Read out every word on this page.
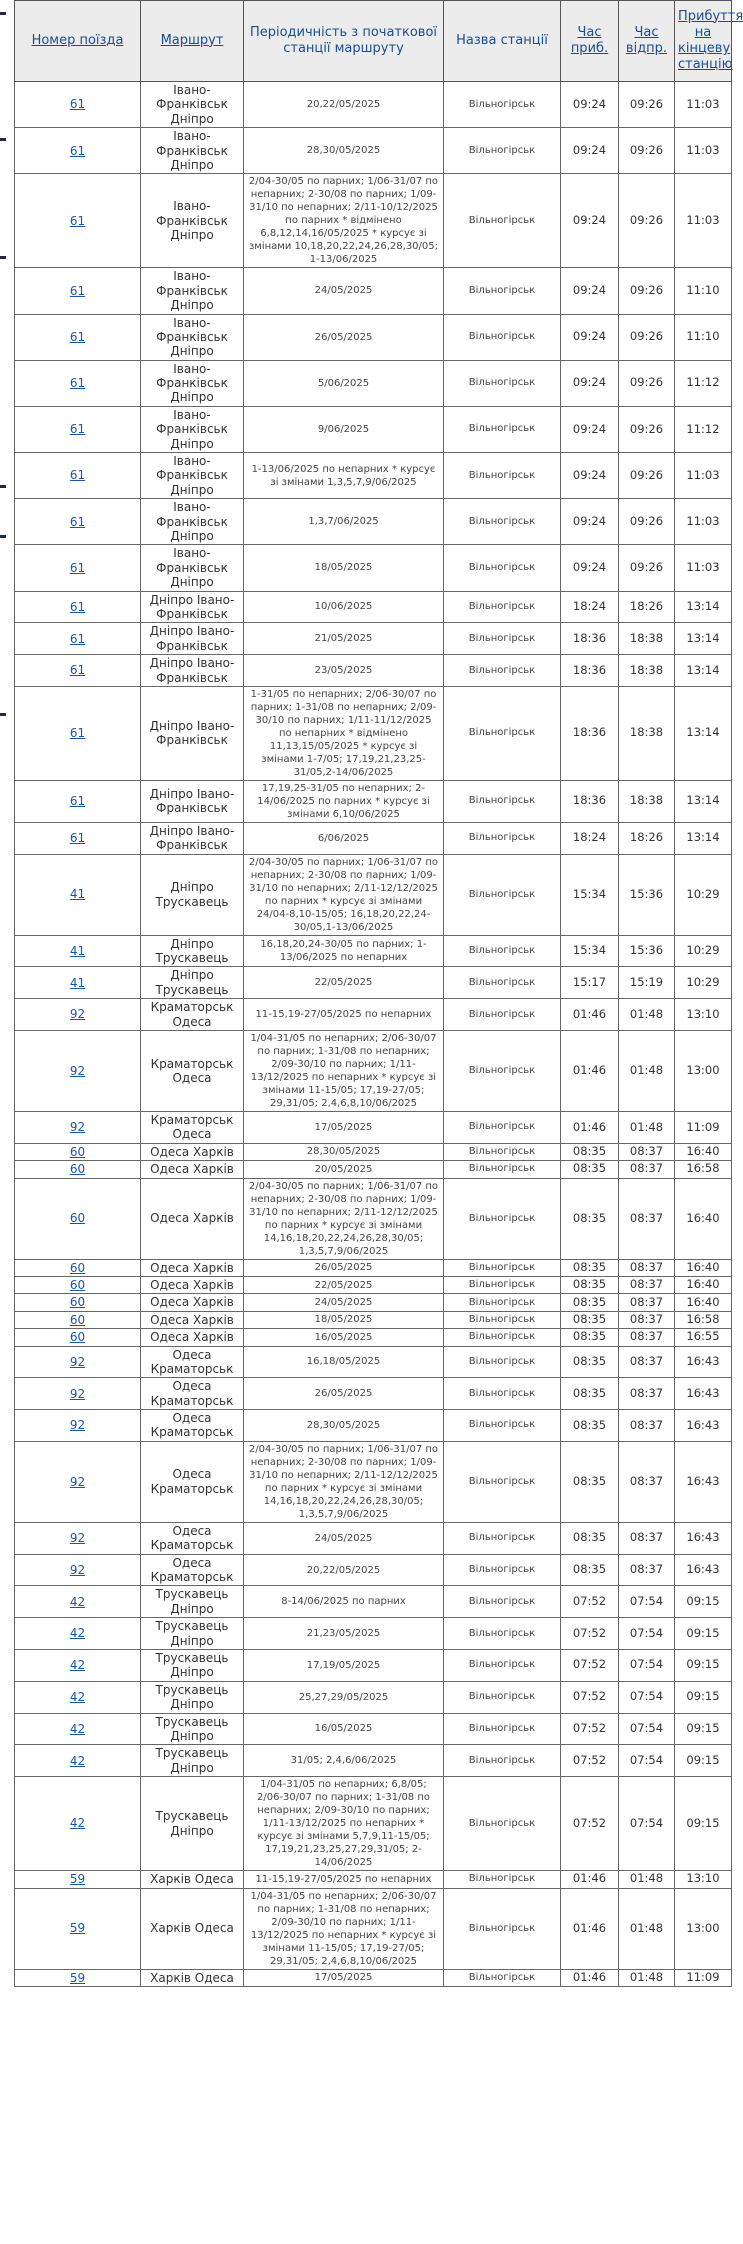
Номер поїзда	Маршрут	Періодичність з початкової станції маршруту	Назва станції	Час приб.	Час відпр.	Прибуття на кінцеву станцію
61	Івано-Франківськ Дніпро	20,22/05/2025	Вільногірськ	09:24	09:26	11:03
61	Івано-Франківськ Дніпро	28,30/05/2025	Вільногірськ	09:24	09:26	11:03
61	Івано-Франківськ Дніпро	2/04-30/05 по парних; 1/06-31/07 по непарних; 2-30/08 по парних; 1/09-31/10 по непарних; 2/11-10/12/2025 по парних * відмінено 6,8,12,14,16/05/2025 * курсує зі змінами 10,18,20,22,24,26,28,30/05; 1-13/06/2025	Вільногірськ	09:24	09:26	11:03
61	Івано-Франківськ Дніпро	24/05/2025	Вільногірськ	09:24	09:26	11:10
61	Івано-Франківськ Дніпро	26/05/2025	Вільногірськ	09:24	09:26	11:10
61	Івано-Франківськ Дніпро	5/06/2025	Вільногірськ	09:24	09:26	11:12
61	Івано-Франківськ Дніпро	9/06/2025	Вільногірськ	09:24	09:26	11:12
61	Івано-Франківськ Дніпро	1-13/06/2025 по непарних * курсує зі змінами 1,3,5,7,9/06/2025	Вільногірськ	09:24	09:26	11:03
61	Івано-Франківськ Дніпро	1,3,7/06/2025	Вільногірськ	09:24	09:26	11:03
61	Івано-Франківськ Дніпро	18/05/2025	Вільногірськ	09:24	09:26	11:03
61	Дніпро Івано-Франківськ	10/06/2025	Вільногірськ	18:24	18:26	13:14
61	Дніпро Івано-Франківськ	21/05/2025	Вільногірськ	18:36	18:38	13:14
61	Дніпро Івано-Франківськ	23/05/2025	Вільногірськ	18:36	18:38	13:14
61	Дніпро Івано-Франківськ	1-31/05 по непарних; 2/06-30/07 по парних; 1-31/08 по непарних; 2/09-30/10 по парних; 1/11-11/12/2025 по непарних * відмінено 11,13,15/05/2025 * курсує зі змінами 1-7/05; 17,19,21,23,25-31/05,2-14/06/2025	Вільногірськ	18:36	18:38	13:14
61	Дніпро Івано-Франківськ	17,19,25-31/05 по непарних; 2-14/06/2025 по парних * курсує зі змінами 6,10/06/2025	Вільногірськ	18:36	18:38	13:14
61	Дніпро Івано-Франківськ	6/06/2025	Вільногірськ	18:24	18:26	13:14
41	Дніпро Трускавець	2/04-30/05 по парних; 1/06-31/07 по непарних; 2-30/08 по парних; 1/09-31/10 по непарних; 2/11-12/12/2025 по парних * курсує зі змінами 24/04-8,10-15/05; 16,18,20,22,24-30/05,1-13/06/2025	Вільногірськ	15:34	15:36	10:29
41	Дніпро Трускавець	16,18,20,24-30/05 по парних; 1-13/06/2025 по непарних	Вільногірськ	15:34	15:36	10:29
41	Дніпро Трускавець	22/05/2025	Вільногірськ	15:17	15:19	10:29
92	Краматорськ Одеса	11-15,19-27/05/2025 по непарних	Вільногірськ	01:46	01:48	13:10
92	Краматорськ Одеса	1/04-31/05 по непарних; 2/06-30/07 по парних; 1-31/08 по непарних; 2/09-30/10 по парних; 1/11-13/12/2025 по непарних * курсує зі змінами 11-15/05; 17,19-27/05; 29,31/05; 2,4,6,8,10/06/2025	Вільногірськ	01:46	01:48	13:00
92	Краматорськ Одеса	17/05/2025	Вільногірськ	01:46	01:48	11:09
60	Одеса Харків	28,30/05/2025	Вільногірськ	08:35	08:37	16:40
60	Одеса Харків	20/05/2025	Вільногірськ	08:35	08:37	16:58
60	Одеса Харків	2/04-30/05 по парних; 1/06-31/07 по непарних; 2-30/08 по парних; 1/09-31/10 по непарних; 2/11-12/12/2025 по парних * курсує зі змінами 14,16,18,20,22,24,26,28,30/05; 1,3,5,7,9/06/2025	Вільногірськ	08:35	08:37	16:40
60	Одеса Харків	26/05/2025	Вільногірськ	08:35	08:37	16:40
60	Одеса Харків	22/05/2025	Вільногірськ	08:35	08:37	16:40
60	Одеса Харків	24/05/2025	Вільногірськ	08:35	08:37	16:40
60	Одеса Харків	18/05/2025	Вільногірськ	08:35	08:37	16:58
60	Одеса Харків	16/05/2025	Вільногірськ	08:35	08:37	16:55
92	Одеса Краматорськ	16,18/05/2025	Вільногірськ	08:35	08:37	16:43
92	Одеса Краматорськ	26/05/2025	Вільногірськ	08:35	08:37	16:43
92	Одеса Краматорськ	28,30/05/2025	Вільногірськ	08:35	08:37	16:43
92	Одеса Краматорськ	2/04-30/05 по парних; 1/06-31/07 по непарних; 2-30/08 по парних; 1/09-31/10 по непарних; 2/11-12/12/2025 по парних * курсує зі змінами 14,16,18,20,22,24,26,28,30/05; 1,3,5,7,9/06/2025	Вільногірськ	08:35	08:37	16:43
92	Одеса Краматорськ	24/05/2025	Вільногірськ	08:35	08:37	16:43
92	Одеса Краматорськ	20,22/05/2025	Вільногірськ	08:35	08:37	16:43
42	Трускавець Дніпро	8-14/06/2025 по парних	Вільногірськ	07:52	07:54	09:15
42	Трускавець Дніпро	21,23/05/2025	Вільногірськ	07:52	07:54	09:15
42	Трускавець Дніпро	17,19/05/2025	Вільногірськ	07:52	07:54	09:15
42	Трускавець Дніпро	25,27,29/05/2025	Вільногірськ	07:52	07:54	09:15
42	Трускавець Дніпро	16/05/2025	Вільногірськ	07:52	07:54	09:15
42	Трускавець Дніпро	31/05; 2,4,6/06/2025	Вільногірськ	07:52	07:54	09:15
42	Трускавець Дніпро	1/04-31/05 по непарних; 6,8/05; 2/06-30/07 по парних; 1-31/08 по непарних; 2/09-30/10 по парних; 1/11-13/12/2025 по непарних * курсує зі змінами 5,7,9,11-15/05; 17,19,21,23,25,27,29,31/05; 2-14/06/2025	Вільногірськ	07:52	07:54	09:15
59	Харків Одеса	11-15,19-27/05/2025 по непарних	Вільногірськ	01:46	01:48	13:10
59	Харків Одеса	1/04-31/05 по непарних; 2/06-30/07 по парних; 1-31/08 по непарних; 2/09-30/10 по парних; 1/11-13/12/2025 по непарних * курсує зі змінами 11-15/05; 17,19-27/05; 29,31/05; 2,4,6,8,10/06/2025	Вільногірськ	01:46	01:48	13:00
59	Харків Одеса	17/05/2025	Вільногірськ	01:46	01:48	11:09
